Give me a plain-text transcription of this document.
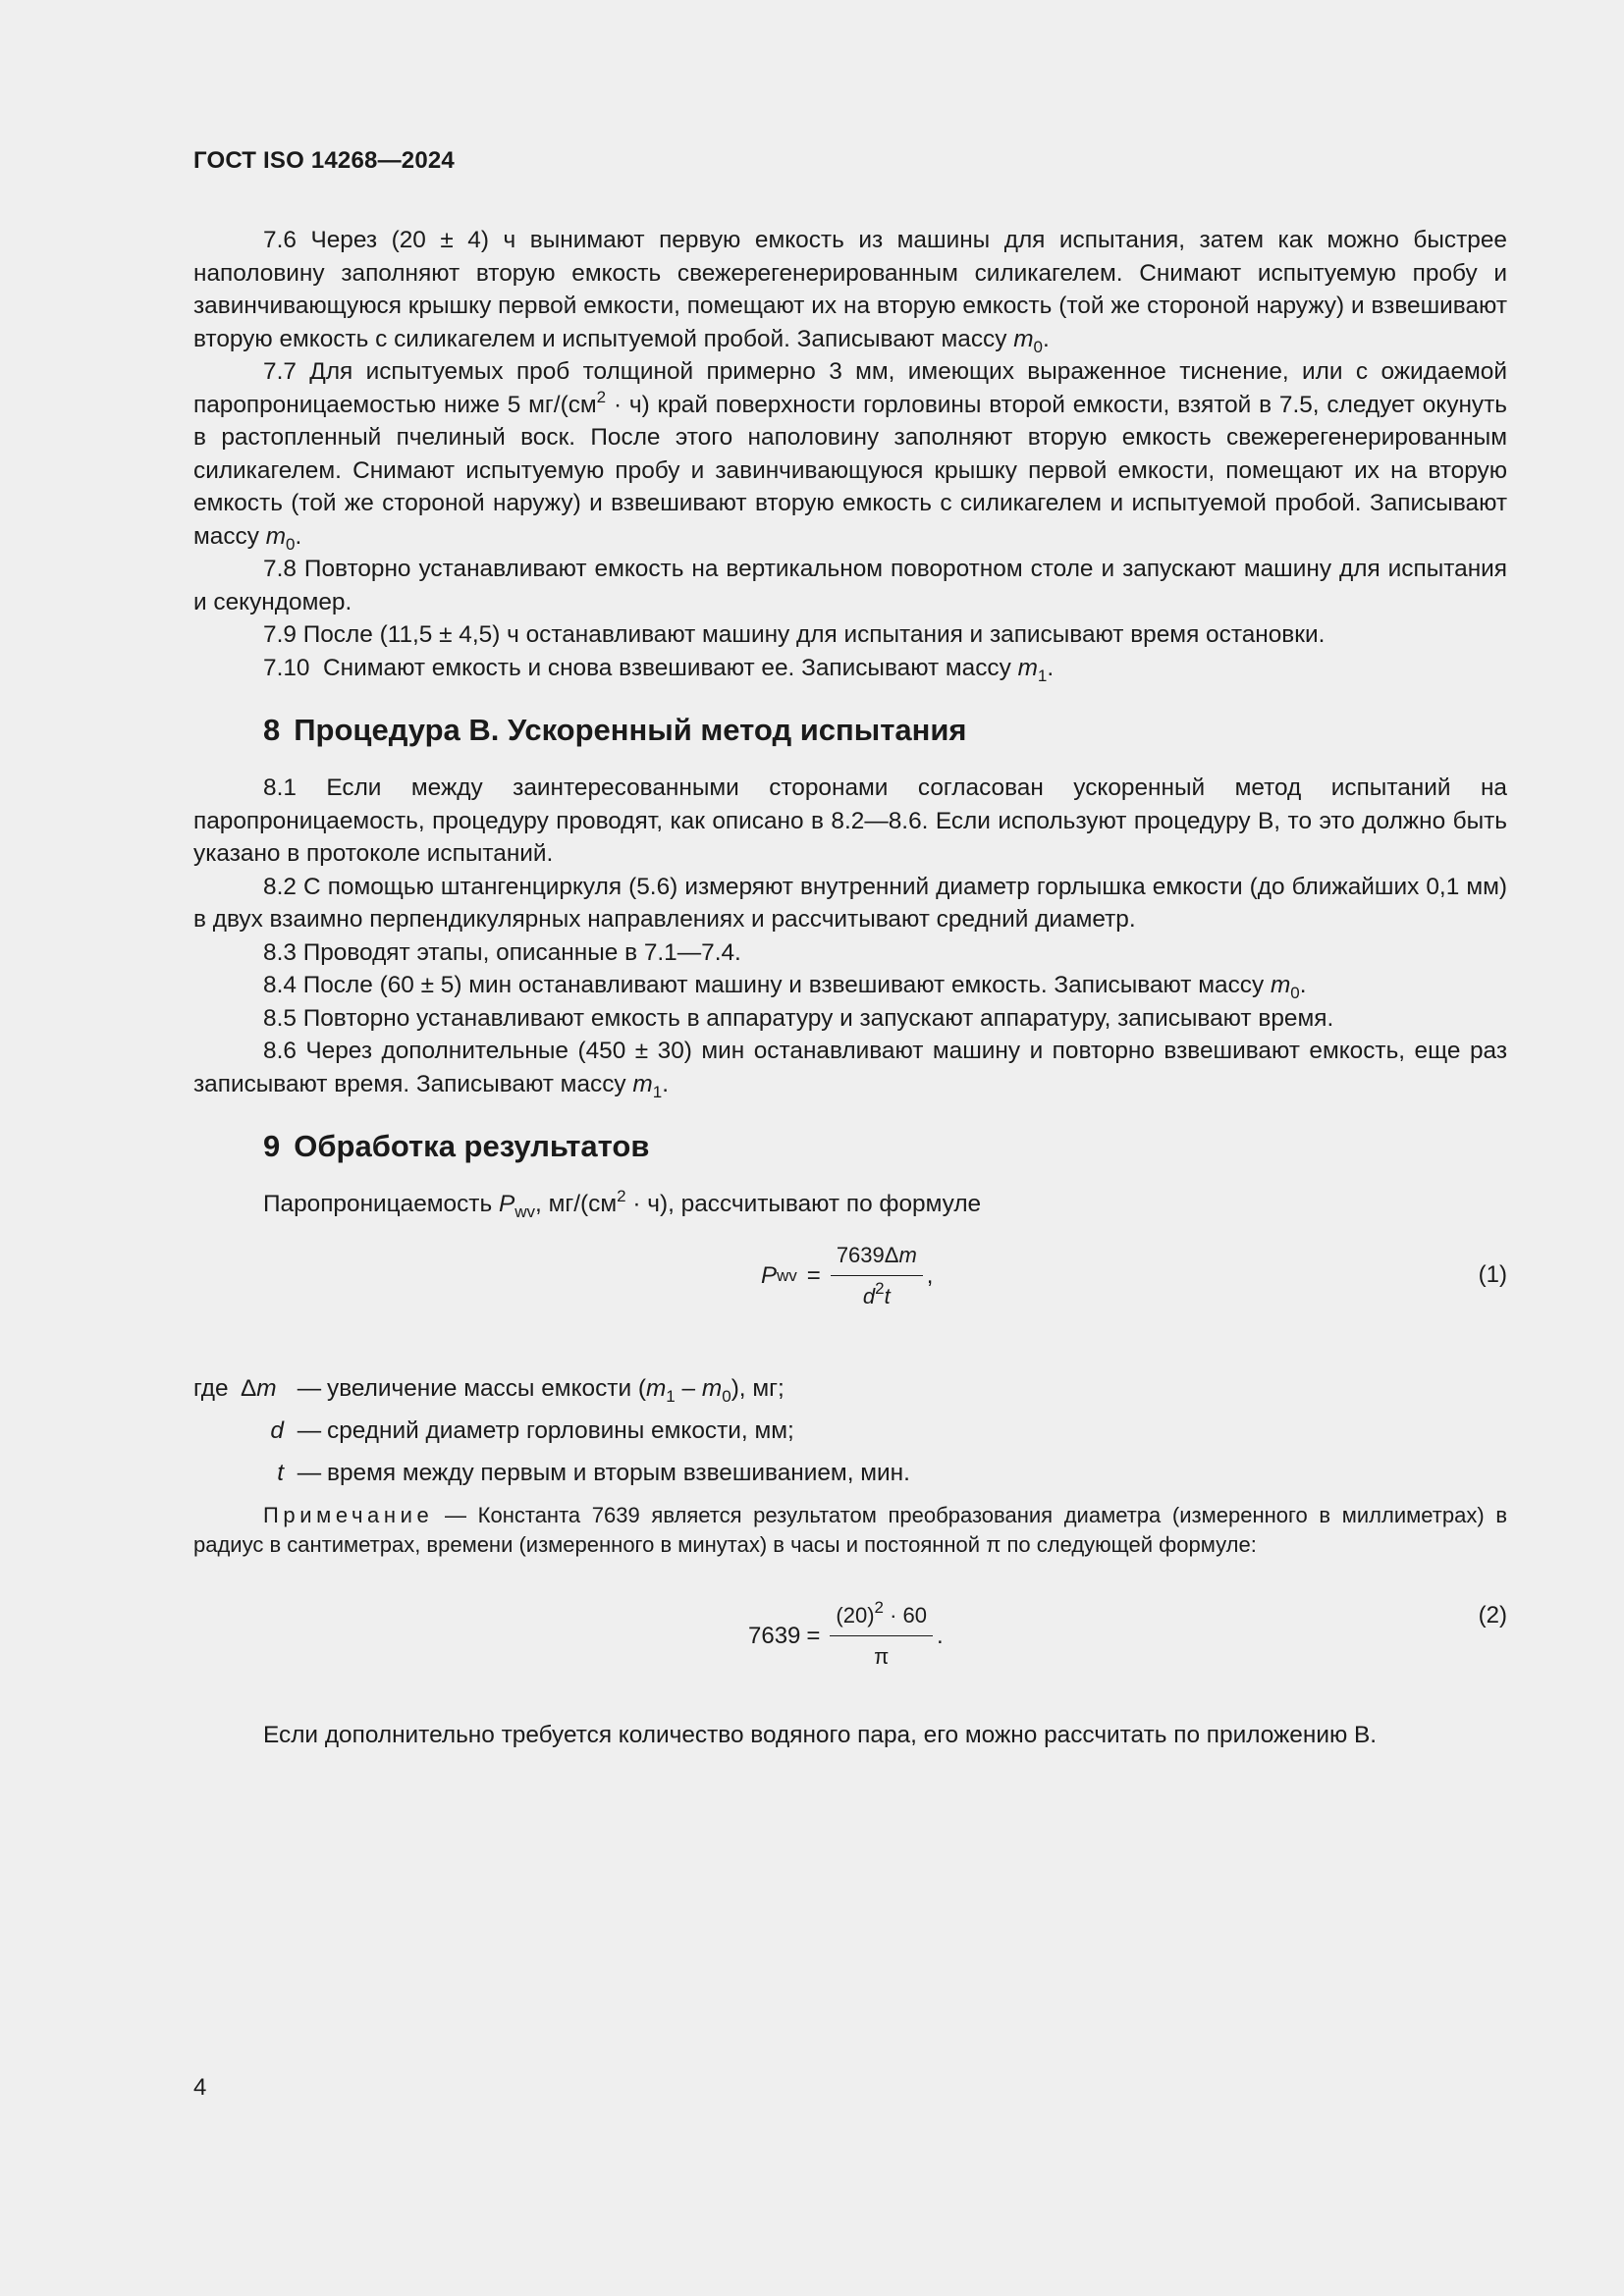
ГОСТ ISO 14268—2024

7.6 Через (20 ± 4) ч вынимают первую емкость из машины для испытания, затем как можно быстрее наполовину заполняют вторую емкость свежерегенерированным силикагелем. Снимают испытуемую пробу и завинчивающуюся крышку первой емкости, помещают их на вторую емкость (той же стороной наружу) и взвешивают вторую емкость с силикагелем и испытуемой пробой. Записывают массу $m_0$.

7.7 Для испытуемых проб толщиной примерно 3 мм, имеющих выраженное тиснение, или с ожидаемой паропроницаемостью ниже 5 $мг/(см^2 \cdot ч)$ край поверхности горловины второй емкости, взятой в 7.5, следует окунуть в растопленный пчелиный воск. После этого наполовину заполняют вторую емкость свежерегенерированным силикагелем. Снимают испытуемую пробу и завинчивающуюся крышку первой емкости, помещают их на вторую емкость (той же стороной наружу) и взвешивают вторую емкость с силикагелем и испытуемой пробой. Записывают массу $m_0$.

7.8 Повторно устанавливают емкость на вертикальном поворотном столе и запускают машину для испытания и секундомер.

7.9 После (11,5 ± 4,5) ч останавливают машину для испытания и записывают время остановки.

7.10 Снимают емкость и снова взвешивают ее. Записывают массу $m_1$.

8 Процедура В. Ускоренный метод испытания

8.1 Если между заинтересованными сторонами согласован ускоренный метод испытаний на паропроницаемость, процедуру проводят, как описано в 8.2—8.6. Если используют процедуру В, то это должно быть указано в протоколе испытаний.

8.2 С помощью штангенциркуля (5.6) измеряют внутренний диаметр горлышка емкости (до ближайших 0,1 мм) в двух взаимно перпендикулярных направлениях и рассчитывают средний диаметр.

8.3 Проводят этапы, описанные в 7.1—7.4.

8.4 После (60 ± 5) мин останавливают машину и взвешивают емкость. Записывают массу $m_0$.

8.5 Повторно устанавливают емкость в аппаратуру и запускают аппаратуру, записывают время.

8.6 Через дополнительные (450 ± 30) мин останавливают машину и повторно взвешивают емкость, еще раз записывают время. Записывают массу $m_1$.

9 Обработка результатов

Паропроницаемость $P_{wv}$, $мг/(см^2 \cdot ч)$, рассчитывают по формуле

P wv = $\frac{7639\Delta m}{d^2t}$ ,	(1)
где Δm — увеличение массы емкости $(m_1 - m_0)$, мг;
d — средний диаметр горловины емкости, мм;
t — время между первым и вторым взвешиванием, мин.

Примечание — Константа 7639 является результатом преобразования диаметра (измеренного в миллиметрах) в радиус в сантиметрах, времени (измеренного в минутах) в часы и постоянной π по следующей формуле:

$7639 = \frac{(20)^2 \cdot 60}{\pi}$ .
(2)

Если дополнительно требуется количество водяного пара, его можно рассчитать по приложению В.

4
